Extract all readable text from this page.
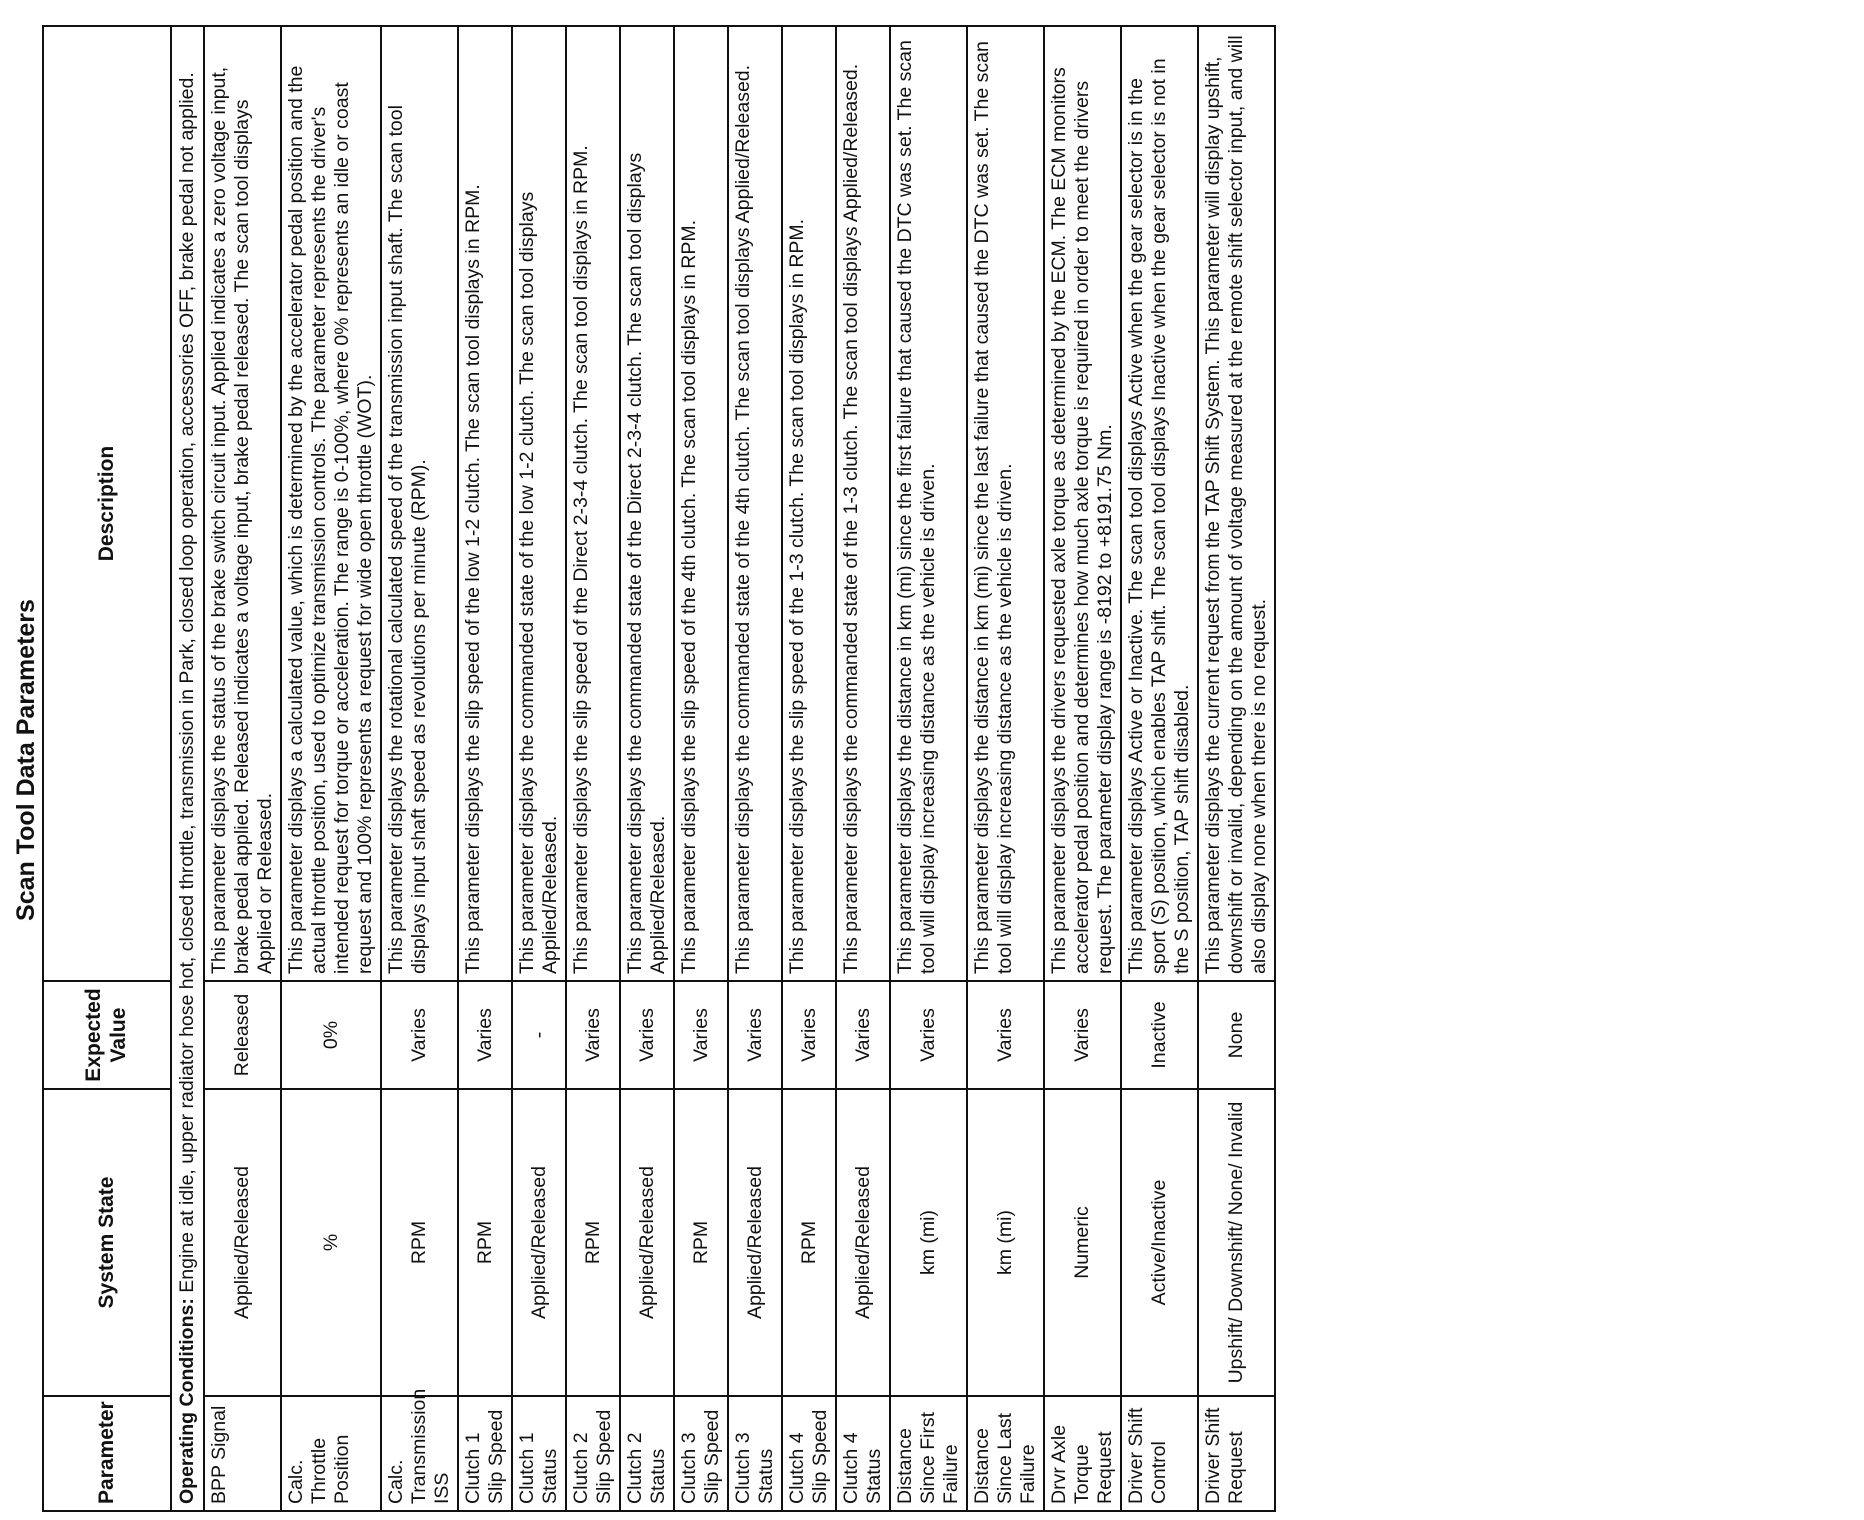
Scan Tool Data Parameters
Parameter	System State	Expected Value	Description
Operating Conditions: Engine at idle, upper radiator hose hot, closed throttle, transmission in Park, closed loop operation, accessories OFF, brake pedal not applied.			
BPP Signal	Applied/Released	Released	This parameter displays the status of the brake switch circuit input. Applied indicates a zero voltage input, brake pedal applied. Released indicates a voltage input, brake pedal released. The scan tool displays Applied or Released.
Calc. Throttle Position	%	0%	This parameter displays a calculated value, which is determined by the accelerator pedal position and the actual throttle position, used to optimize transmission controls. The parameter represents the driver's intended request for torque or acceleration. The range is 0-100%, where 0% represents an idle or coast request and 100% represents a request for wide open throttle (WOT).
Calc. Transmission ISS	RPM	Varies	This parameter displays the rotational calculated speed of the transmission input shaft. The scan tool displays input shaft speed as revolutions per minute (RPM).
Clutch 1 Slip Speed	RPM	Varies	This parameter displays the slip speed of the low 1-2 clutch. The scan tool displays in RPM.
Clutch 1 Status	Applied/Released	-	This parameter displays the commanded state of the low 1-2 clutch. The scan tool displays Applied/Released.
Clutch 2 Slip Speed	RPM	Varies	This parameter displays the slip speed of the Direct 2-3-4 clutch. The scan tool displays in RPM.
Clutch 2 Status	Applied/Released	Varies	This parameter displays the commanded state of the Direct 2-3-4 clutch. The scan tool displays Applied/Released.
Clutch 3 Slip Speed	RPM	Varies	This parameter displays the slip speed of the 4th clutch. The scan tool displays in RPM.
Clutch 3 Status	Applied/Released	Varies	This parameter displays the commanded state of the 4th clutch. The scan tool displays Applied/Released.
Clutch 4 Slip Speed	RPM	Varies	This parameter displays the slip speed of the 1-3 clutch. The scan tool displays in RPM.
Clutch 4 Status	Applied/Released	Varies	This parameter displays the commanded state of the 1-3 clutch. The scan tool displays Applied/Released.
Distance Since First Failure	km (mi)	Varies	This parameter displays the distance in km (mi) since the first failure that caused the DTC was set. The scan tool will display increasing distance as the vehicle is driven.
Distance Since Last Failure	km (mi)	Varies	This parameter displays the distance in km (mi) since the last failure that caused the DTC was set. The scan tool will display increasing distance as the vehicle is driven.
Drvr Axle Torque Request	Numeric	Varies	This parameter displays the drivers requested axle torque as determined by the ECM. The ECM monitors accelerator pedal position and determines how much axle torque is required in order to meet the drivers request. The parameter display range is -8192 to +8191.75 Nm.
Driver Shift Control	Active/Inactive	Inactive	This parameter displays Active or Inactive. The scan tool displays Active when the gear selector is in the sport (S) position, which enables TAP shift. The scan tool displays Inactive when the gear selector is not in the S position, TAP shift disabled.
Driver Shift Request	Upshift/ Downshift/ None/ Invalid	None	This parameter displays the current request from the TAP Shift System. This parameter will display upshift, downshift or invalid, depending on the amount of voltage measured at the remote shift selector input, and will also display none when there is no request.
